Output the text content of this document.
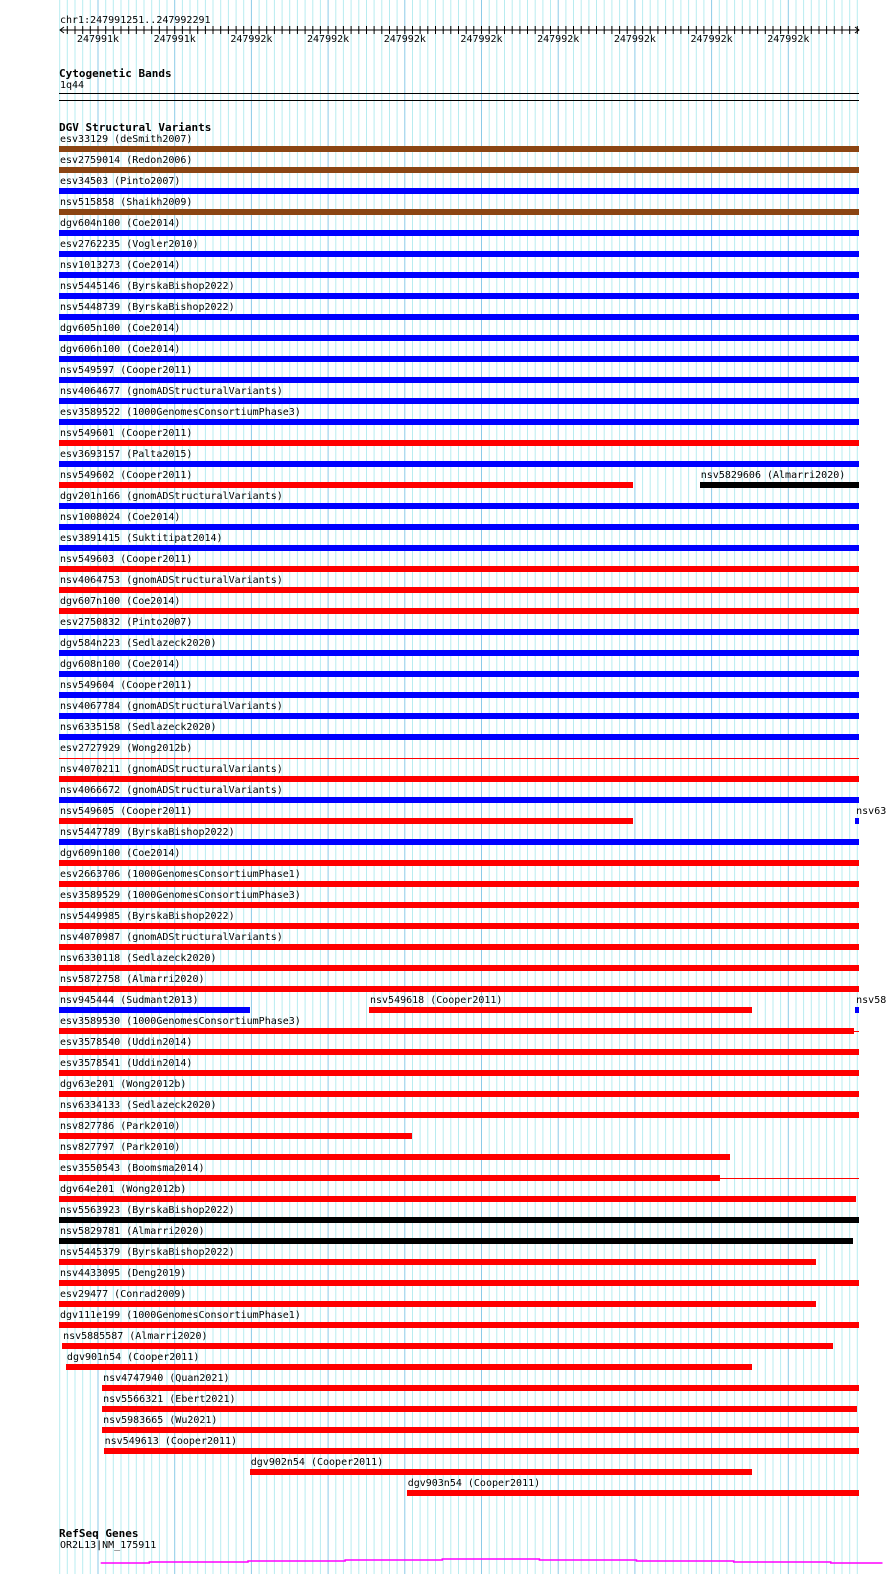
chr1:247991251..247992291
247991k	247991k	247992k	247992k	247992k	247992k	247992k	247992k	247992k	247992k
Cytogenetic Bands
1q44
DGV Structural Variants
esv33129 (deSmith2007)
esv2759014 (Redon2006)
esv34503 (Pinto2007)
nsv515858 (Shaikh2009)
dgv604n100 (Coe2014)
esv2762235 (Vogler2010)
nsv1013273 (Coe2014)
nsv5445146 (ByrskaBishop2022)
nsv5448739 (ByrskaBishop2022)
dgv605n100 (Coe2014)
dgv606n100 (Coe2014)
nsv549597 (Cooper2011)
nsv4064677 (gnomADStructuralVariants)
esv3589522 (1000GenomesConsortiumPhase3)
nsv549601 (Cooper2011)
esv3693157 (Palta2015)
nsv549602 (Cooper2011)	nsv5829606 (Almarri2020)
dgv201n166 (gnomADStructuralVariants)
nsv1008024 (Coe2014)
esv3891415 (Suktitipat2014)
nsv549603 (Cooper2011)
nsv4064753 (gnomADStructuralVariants)
dgv607n100 (Coe2014)
esv2750832 (Pinto2007)
dgv584n223 (Sedlazeck2020)
dgv608n100 (Coe2014)
nsv549604 (Cooper2011)
nsv4067784 (gnomADStructuralVariants)
nsv6335158 (Sedlazeck2020)
esv2727929 (Wong2012b)
nsv4070211 (gnomADStructuralVariants)
nsv4066672 (gnomADStructuralVariants)
nsv549605 (Cooper2011)	nsv63
nsv5447789 (ByrskaBishop2022)
dgv609n100 (Coe2014)
esv2663706 (1000GenomesConsortiumPhase1)
esv3589529 (1000GenomesConsortiumPhase3)
nsv5449985 (ByrskaBishop2022)
nsv4070987 (gnomADStructuralVariants)
nsv6330118 (Sedlazeck2020)
nsv5872758 (Almarri2020)
nsv945444 (Sudmant2013)	nsv549618 (Cooper2011)	nsv58
esv3589530 (1000GenomesConsortiumPhase3)
esv3578540 (Uddin2014)
esv3578541 (Uddin2014)
dgv63e201 (Wong2012b)
nsv6334133 (Sedlazeck2020)
nsv827786 (Park2010)
nsv827797 (Park2010)
esv3550543 (Boomsma2014)
dgv64e201 (Wong2012b)
nsv5563923 (ByrskaBishop2022)
nsv5829781 (Almarri2020)
nsv5445379 (ByrskaBishop2022)
nsv4433095 (Deng2019)
esv29477 (Conrad2009)
dgv111e199 (1000GenomesConsortiumPhase1)
nsv5885587 (Almarri2020)
dgv901n54 (Cooper2011)
nsv4747940 (Quan2021)
nsv5566321 (Ebert2021)
nsv5983665 (Wu2021)
nsv549613 (Cooper2011)
dgv902n54 (Cooper2011)
dgv903n54 (Cooper2011)
RefSeq Genes
OR2L13|NM_175911
